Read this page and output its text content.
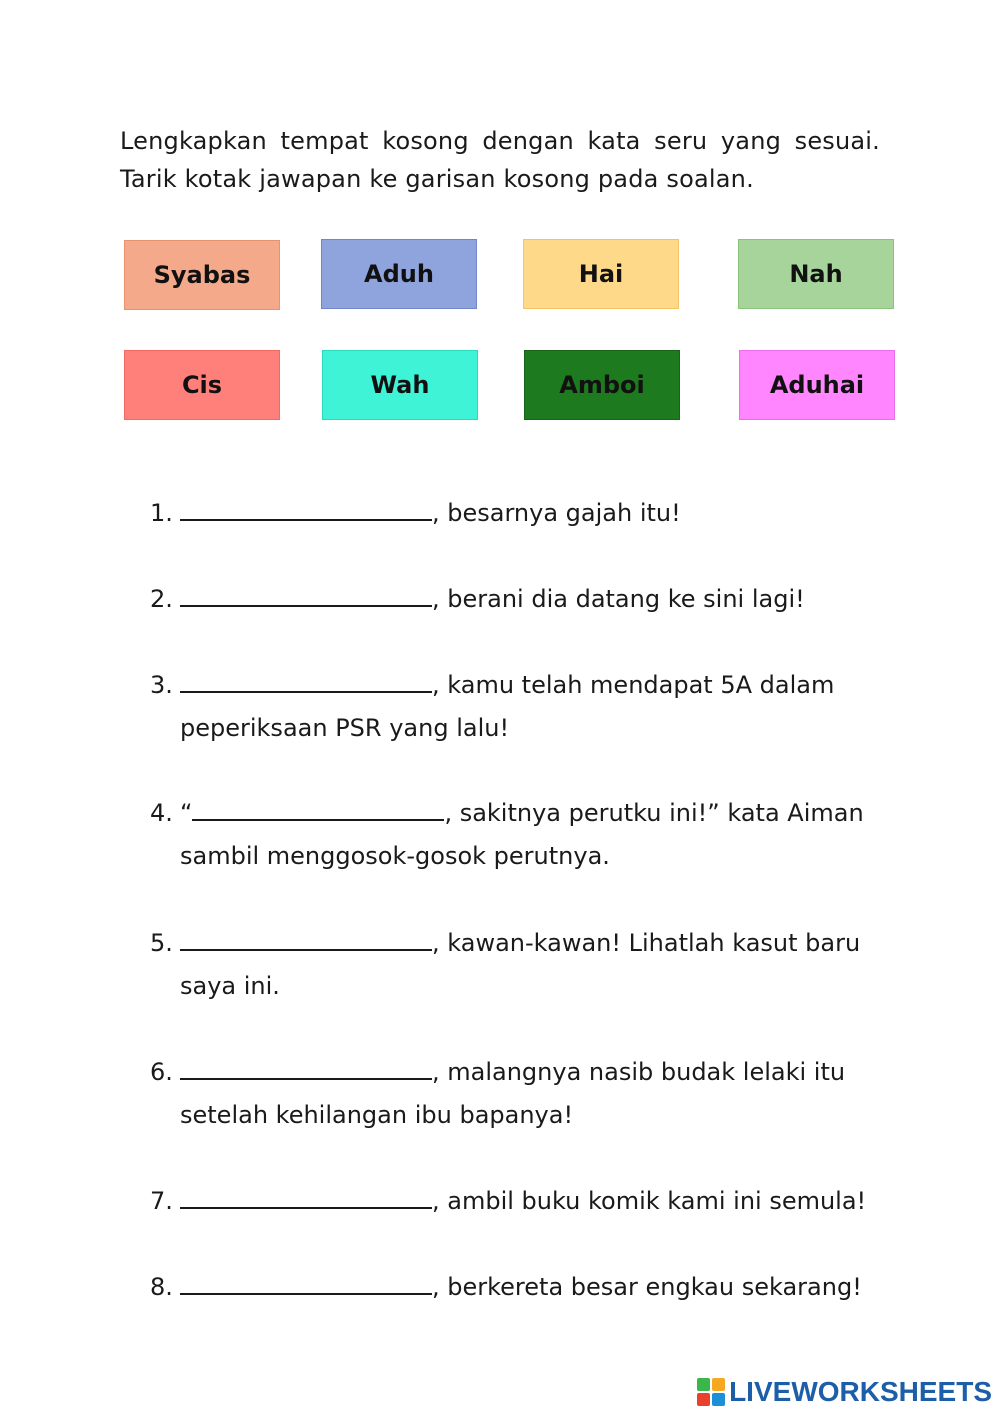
Lengkapkan tempat kosong dengan kata seru yang sesuai.
Tarik kotak jawapan ke garisan kosong pada soalan.
Syabas	Aduh	Hai	Nah
Cis	Wah	Amboi	Aduhai
1.	, besarnya gajah itu!
2.	, berani dia datang ke sini lagi!
3.	, kamu telah mendapat 5A dalam
peperiksaan PSR yang lalu!
4. “	, sakitnya perutku ini!” kata Aiman
sambil menggosok-gosok perutnya.
5.	, kawan-kawan! Lihatlah kasut baru
saya ini.
6.	, malangnya nasib budak lelaki itu
setelah kehilangan ibu bapanya!
7.	, ambil buku komik kami ini semula!
8.	, berkereta besar engkau sekarang!
LIVEWORKSHEETS
